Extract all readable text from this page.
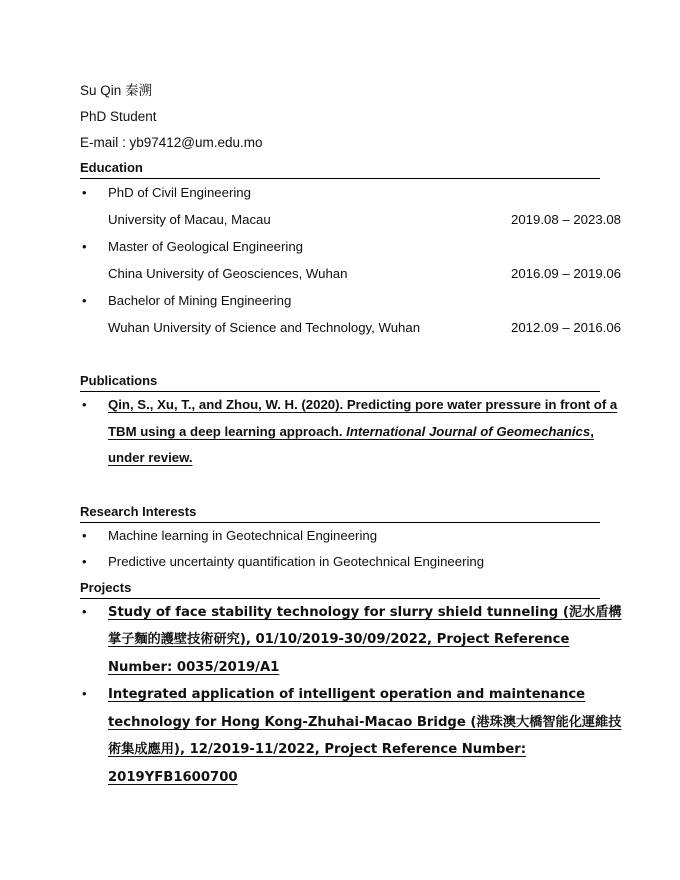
Su Qin 秦溯
PhD Student
E-mail : yb97412@um.edu.mo
Education
• PhD of Civil Engineering
University of Macau, Macau	2019.08 – 2023.08
• Master of Geological Engineering
China University of Geosciences, Wuhan	2016.09 – 2019.06
• Bachelor of Mining Engineering
Wuhan University of Science and Technology, Wuhan	2012.09 – 2016.06
Publications
• Qin, S., Xu, T., and Zhou, W. H. (2020). Predicting pore water pressure in front of a TBM using a deep learning approach. International Journal of Geomechanics, under review.
Research Interests
• Machine learning in Geotechnical Engineering
• Predictive uncertainty quantification in Geotechnical Engineering
Projects
• Study of face stability technology for slurry shield tunneling (泥水盾構掌子麵的護壁技術研究), 01/10/2019-30/09/2022, Project Reference Number: 0035/2019/A1
• Integrated application of intelligent operation and maintenance technology for Hong Kong-Zhuhai-Macao Bridge (港珠澳大橋智能化運維技術集成應用), 12/2019-11/2022, Project Reference Number: 2019YFB1600700
